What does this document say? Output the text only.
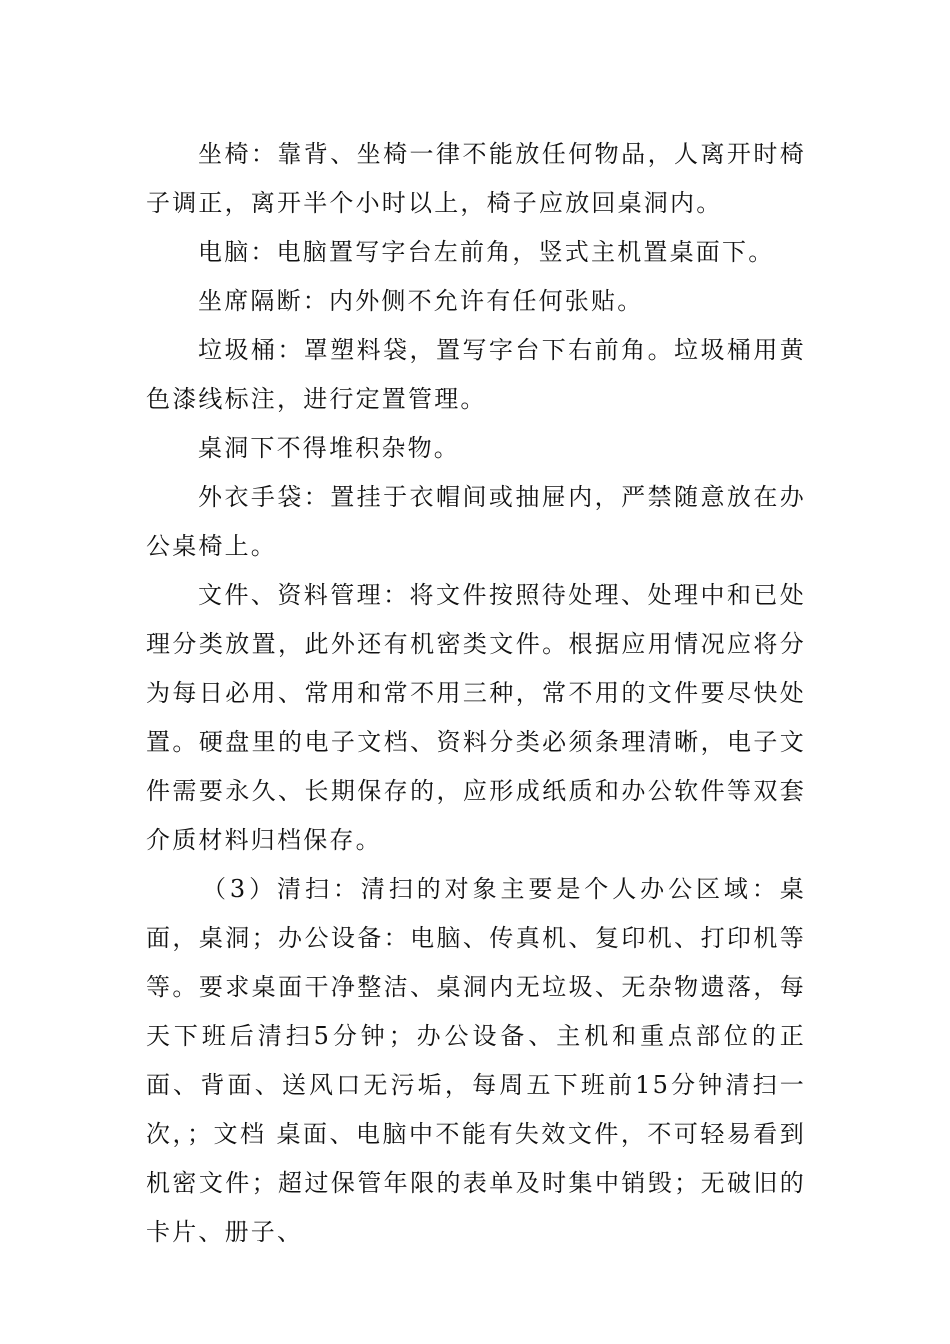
坐椅：靠背、坐椅一律不能放任何物品，人离开时椅子调正，离开半个小时以上，椅子应放回桌洞内。

电脑：电脑置写字台左前角，竖式主机置桌面下。

坐席隔断：内外侧不允许有任何张贴。

垃圾桶：罩塑料袋，置写字台下右前角。垃圾桶用黄色漆线标注，进行定置管理。

桌洞下不得堆积杂物。

外衣手袋：置挂于衣帽间或抽屉内，严禁随意放在办公桌椅上。

文件、资料管理：将文件按照待处理、处理中和已处理分类放置，此外还有机密类文件。根据应用情况应将分为每日必用、常用和常不用三种，常不用的文件要尽快处置。硬盘里的电子文档、资料分类必须条理清晰，电子文件需要永久、长期保存的，应形成纸质和办公软件等双套介质材料归档保存。

（3）清扫：清扫的对象主要是个人办公区域：桌面，桌洞；办公设备：电脑、传真机、复印机、打印机等等。要求桌面干净整洁、桌洞内无垃圾、无杂物遗落，每天下班后清扫5分钟；办公设备、主机和重点部位的正面、背面、送风口无污垢，每周五下班前15分钟清扫一次，；文档 桌面、电脑中不能有失效文件，不可轻易看到机密文件；超过保管年限的表单及时集中销毁；无破旧的卡片、册子、
